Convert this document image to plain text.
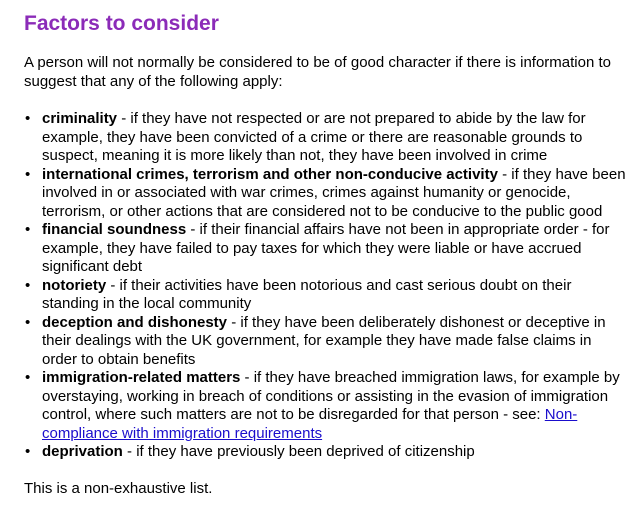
Factors to consider

A person will not normally be considered to be of good character if there is information to suggest that any of the following apply:

• criminality - if they have not respected or are not prepared to abide by the law for example, they have been convicted of a crime or there are reasonable grounds to suspect, meaning it is more likely than not, they have been involved in crime
• international crimes, terrorism and other non-conducive activity - if they have been involved in or associated with war crimes, crimes against humanity or genocide, terrorism, or other actions that are considered not to be conducive to the public good
• financial soundness - if their financial affairs have not been in appropriate order - for example, they have failed to pay taxes for which they were liable or have accrued significant debt
• notoriety - if their activities have been notorious and cast serious doubt on their standing in the local community
• deception and dishonesty - if they have been deliberately dishonest or deceptive in their dealings with the UK government, for example they have made false claims in order to obtain benefits
• immigration-related matters - if they have breached immigration laws, for example by overstaying, working in breach of conditions or assisting in the evasion of immigration control, where such matters are not to be disregarded for that person - see: Non-compliance with immigration requirements
• deprivation - if they have previously been deprived of citizenship

This is a non-exhaustive list.
